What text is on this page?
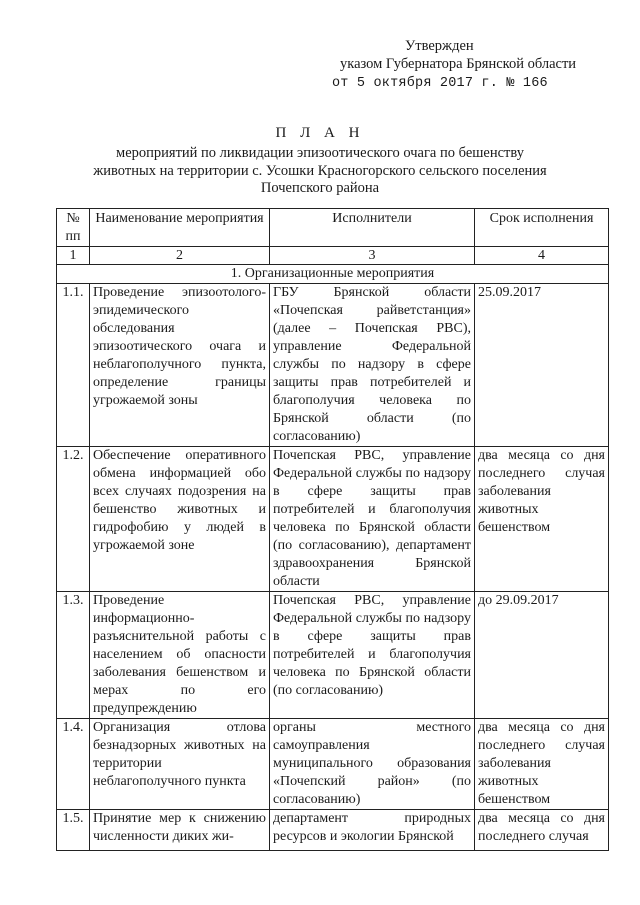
Утвержден
указом Губернатора Брянской области
от 5 октября 2017 г. № 166
П Л А Н
мероприятий по ликвидации эпизоотического очага по бешенству
животных на территории с. Усошки Красногорского сельского поселения
Почепского района
№ пп	Наименование мероприятия	Исполнители	Срок исполнения
1	2	3	4
1. Организационные мероприятия			
1.1.	Проведение эпизоотолого-эпидемического обследования эпизоотического очага и неблагополучного пункта, определение границы угрожаемой зоны	ГБУ Брянской области «Почепская райветстанция» (далее – Почепская РВС), управление Федеральной службы по надзору в сфере защиты прав потребителей и благополучия человека по Брянской области (по согласованию)	25.09.2017
1.2.	Обеспечение оперативного обмена информацией обо всех случаях подозрения на бешенство животных и гидрофобию у людей в угрожаемой зоне	Почепская РВС, управление Федеральной службы по надзору в сфере защиты прав потребителей и благополучия человека по Брянской области (по согласованию), департамент здравоохранения Брянской области	два месяца со дня последнего случая заболевания животных бешенством
1.3.	Проведение информационно-разъяснительной работы с населением об опасности заболевания бешенством и мерах по его предупреждению	Почепская РВС, управление Федеральной службы по надзору в сфере защиты прав потребителей и благополучия человека по Брянской области (по согласованию)	до 29.09.2017
1.4.	Организация отлова безнадзорных животных на территории неблагополучного пункта	органы местного самоуправления муниципального образования «Почепский район» (по согласованию)	два месяца со дня последнего случая заболевания животных бешенством
1.5.	Принятие мер к снижению численности диких жи-	департамент природных ресурсов и экологии Брянской	два месяца со дня последнего случая
